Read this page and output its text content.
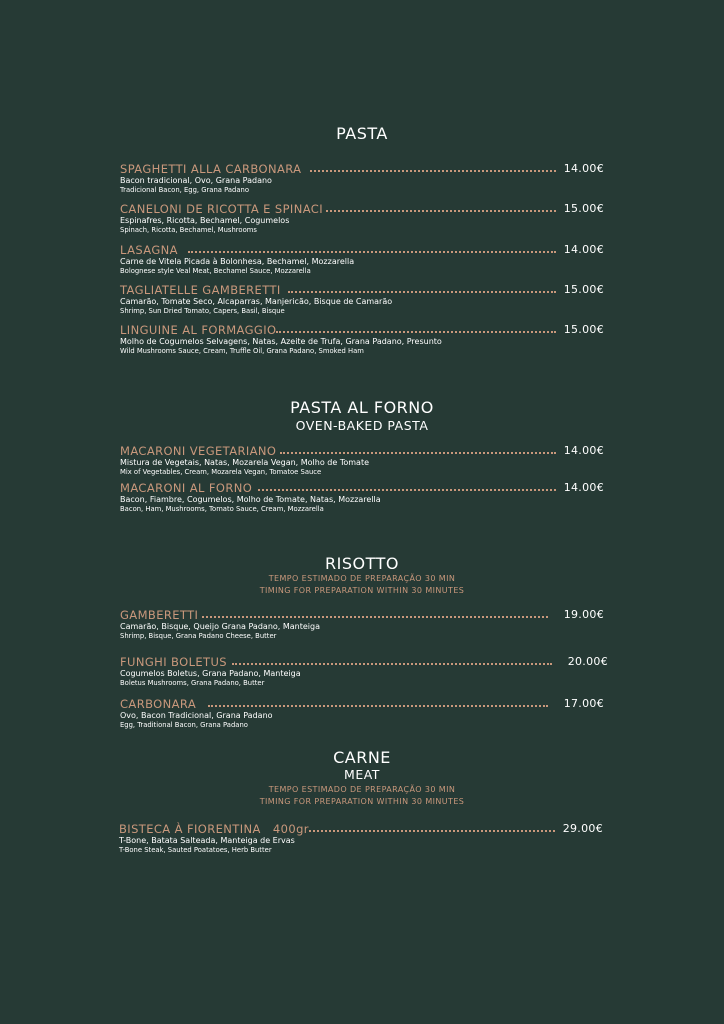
PASTA
SPAGHETTI ALLA CARBONARA	14.00€
Bacon tradicional, Ovo, Grana Padano
Tradicional Bacon, Egg, Grana Padano
CANELONI DE RICOTTA E SPINACI	15.00€
Espinafres, Ricotta, Bechamel, Cogumelos
Spinach, Ricotta, Bechamel, Mushrooms
LASAGNA	14.00€
Carne de Vitela Picada à Bolonhesa, Bechamel, Mozzarella
Bolognese style Veal Meat, Bechamel Sauce, Mozzarella
TAGLIATELLE GAMBERETTI	15.00€
Camarão, Tomate Seco, Alcaparras, Manjericão, Bisque de Camarão
Shrimp, Sun Dried Tomato, Capers, Basil, Bisque
LINGUINE AL FORMAGGIO	15.00€
Molho de Cogumelos Selvagens, Natas, Azeite de Trufa, Grana Padano, Presunto
Wild Mushrooms Sauce, Cream, Truffle Oil, Grana Padano, Smoked Ham
PASTA AL FORNO
OVEN-BAKED PASTA
MACARONI VEGETARIANO	14.00€
Mistura de Vegetais, Natas, Mozarela Vegan, Molho de Tomate
Mix of Vegetables, Cream, Mozarela Vegan, Tomatoe Sauce
MACARONI AL FORNO	14.00€
Bacon, Fiambre, Cogumelos, Molho de Tomate, Natas, Mozzarella
Bacon, Ham, Mushrooms, Tomato Sauce, Cream, Mozzarella
RISOTTO
TEMPO ESTIMADO DE PREPARAÇÃO 30 MIN
TIMING FOR PREPARATION WITHIN 30 MINUTES
GAMBERETTI	19.00€
Camarão, Bisque, Queijo Grana Padano, Manteiga
Shrimp, Bisque, Grana Padano Cheese, Butter
FUNGHI BOLETUS	20.00€
Cogumelos Boletus, Grana Padano, Manteiga
Boletus Mushrooms, Grana Padano, Butter
CARBONARA	17.00€
Ovo, Bacon Tradicional, Grana Padano
Egg, Traditional Bacon, Grana Padano
CARNE
MEAT
TEMPO ESTIMADO DE PREPARAÇÃO 30 MIN
TIMING FOR PREPARATION WITHIN 30 MINUTES
BISTECA À FIORENTINA   400gr	29.00€
T-Bone, Batata Salteada, Manteiga de Ervas
T-Bone Steak, Sauted Poatatoes, Herb Butter
